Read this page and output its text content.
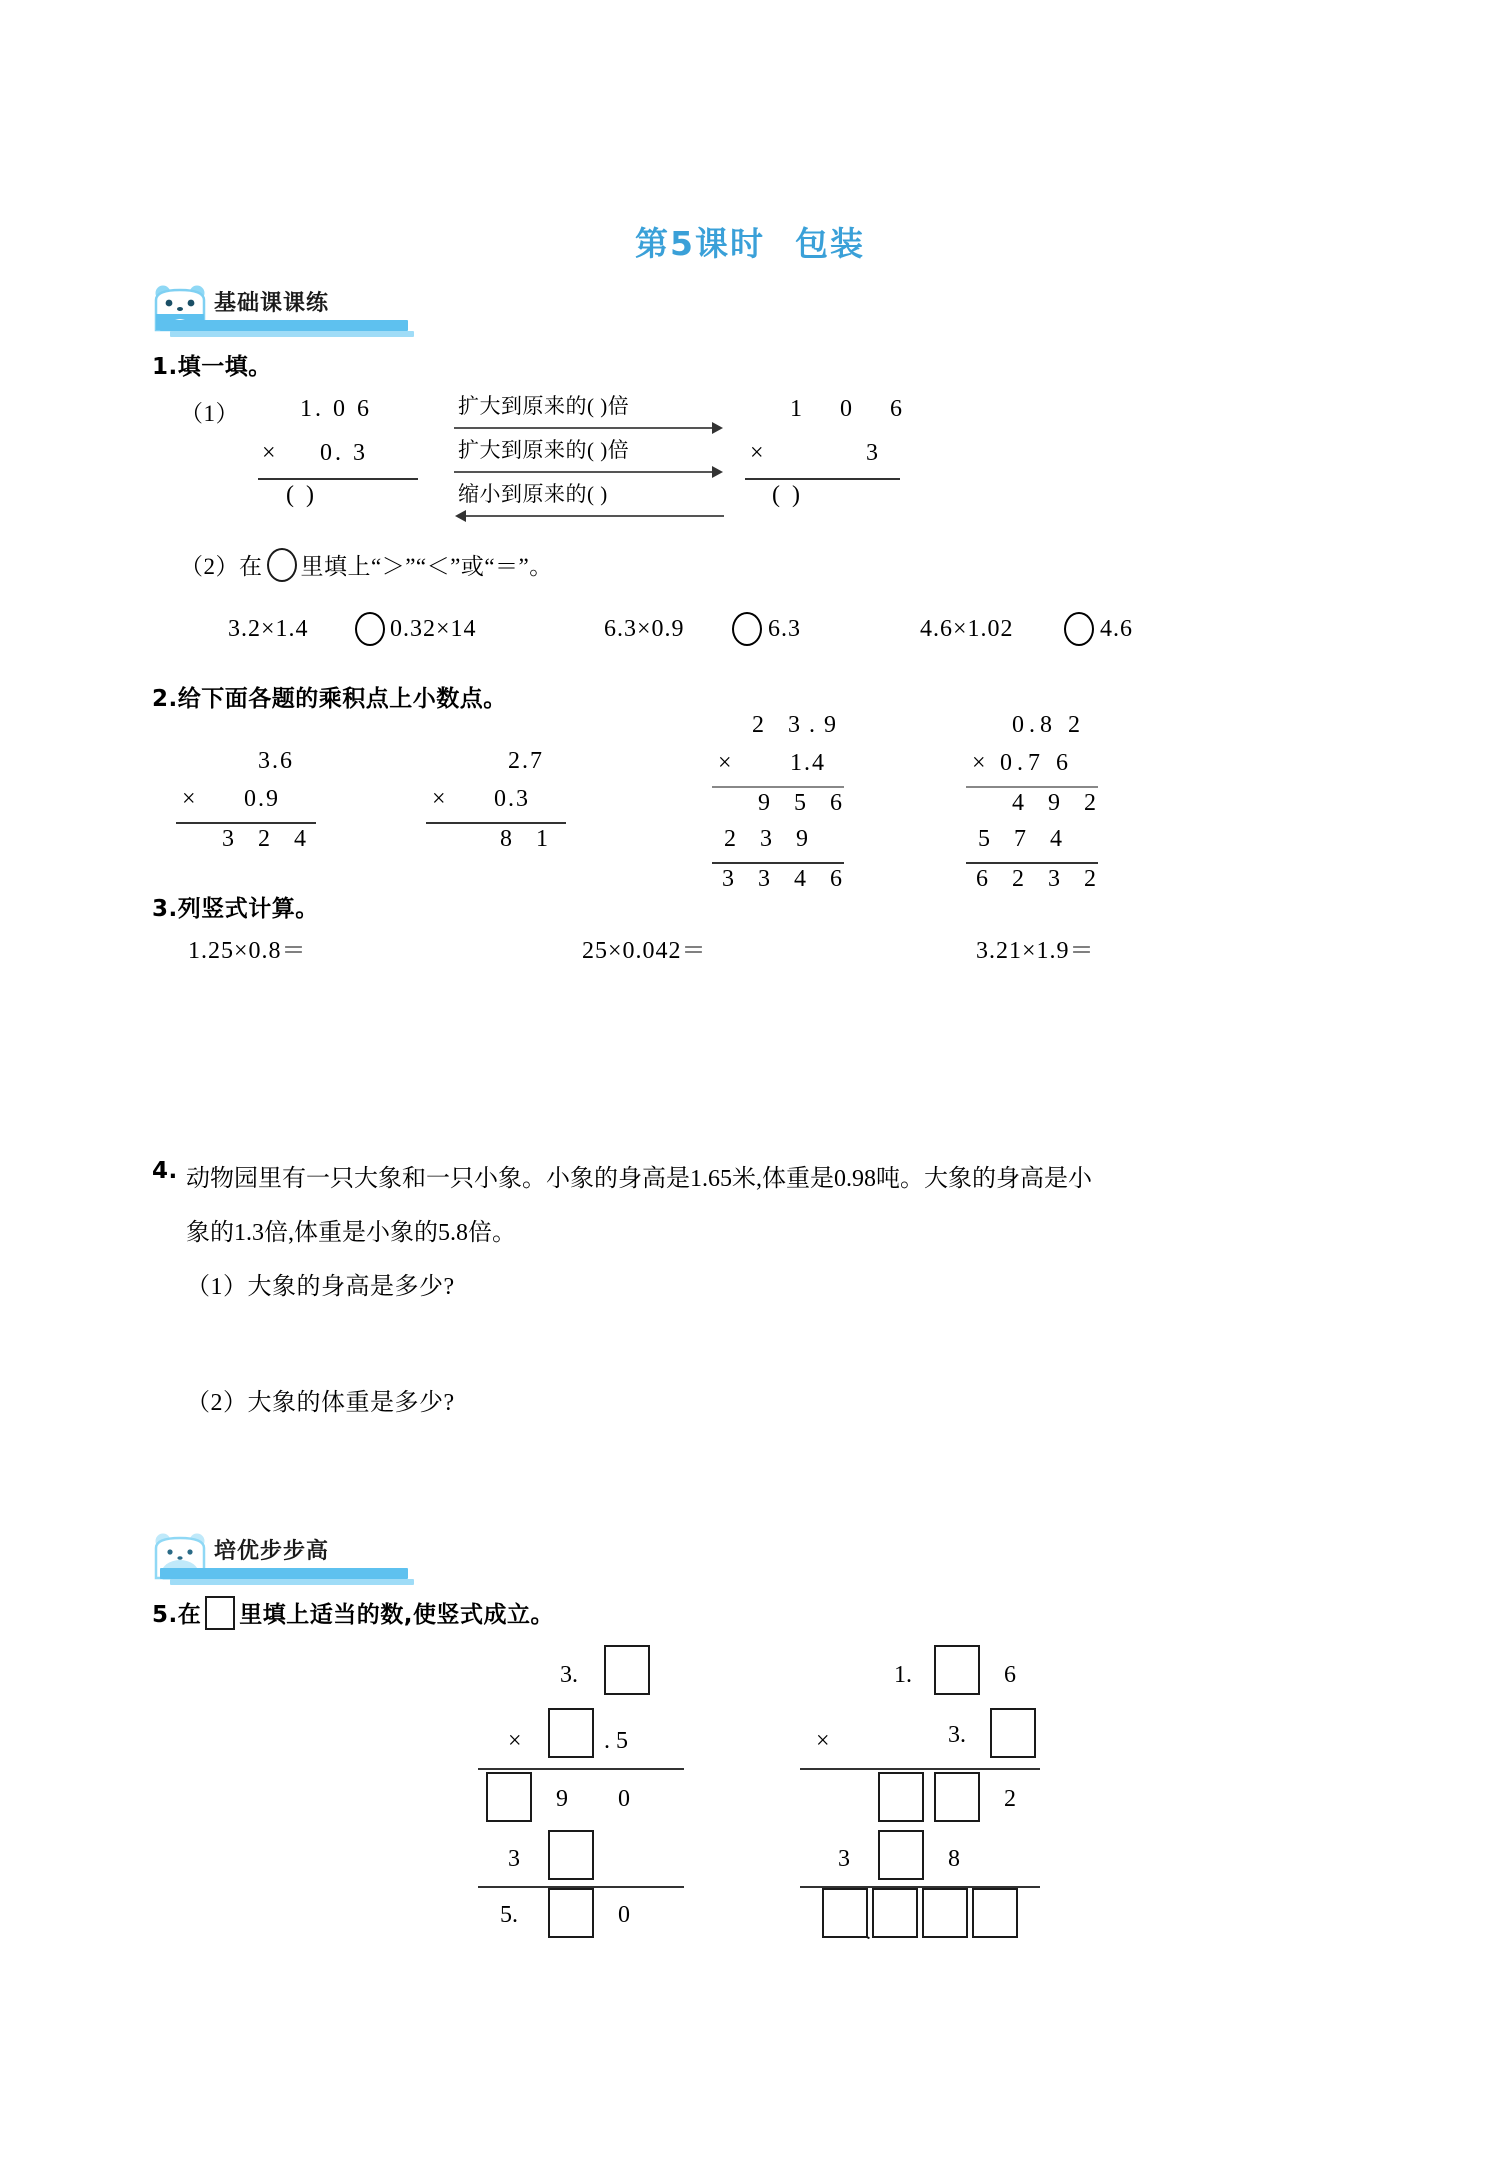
第5课时 包装
基础课课练
1.填一填。
（1）	1. 0 6
× 0. 3
( )
扩大到原来的( )倍
扩大到原来的( )倍
缩小到原来的( )
1 0 6
×	3
( )
（2）在 里填上“＞”“＜”或“＝”。
3.2×1.4	0.32×14	6.3×0.9	6.3	4.6×1.02	4.6
2.给下面各题的乘积点上小数点。
3.6
× 0.9
3 2 4
2.7
× 0.3
8 1
2 3.9
× 1.4
9 5 6
2 3 9
3 3 4 6
0.8 2
× 0.7 6
4 9 2
5 7 4
6 2 3 2
3.列竖式计算。
1.25×0.8＝	25×0.042＝	3.21×1.9＝
4. 动物园里有一只大象和一只小象。小象的身高是1.65米,体重是0.98吨。大象的身高是小
象的1.3倍,体重是小象的5.8倍。
（1）大象的身高是多少?
（2）大象的体重是多少?
培优步步高
5.在 里填上适当的数,使竖式成立。
3.
×	. 5
9 0
3
5.	0
1.	6
×	3.
2
3	8
.
